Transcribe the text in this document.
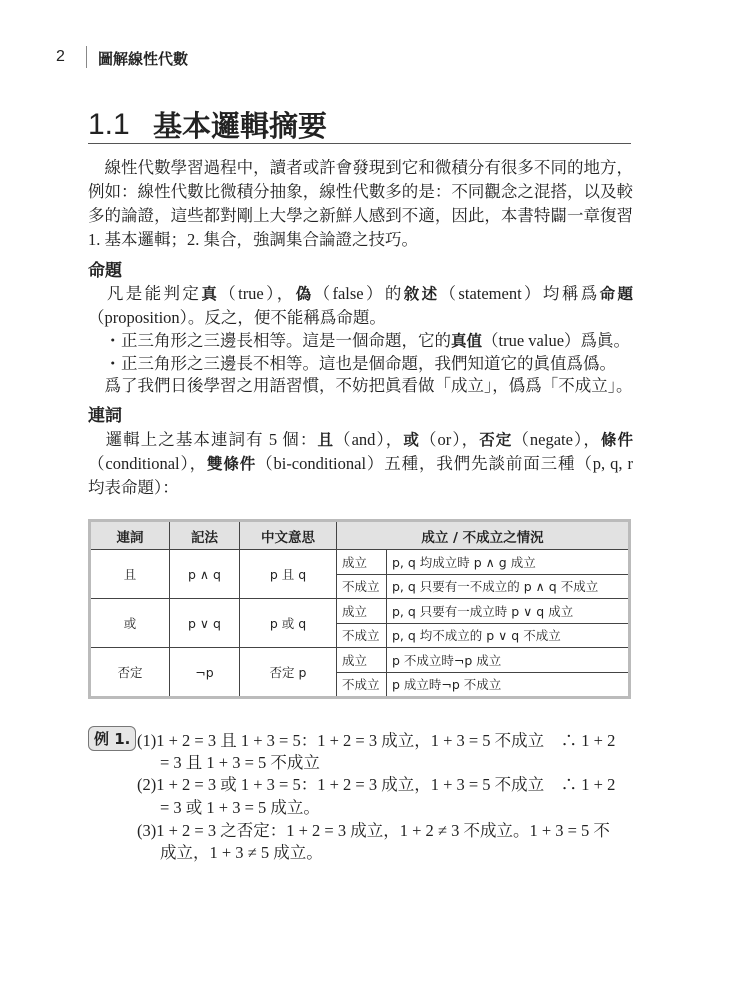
2 圖解線性代數
1.1 基本邏輯摘要
　線性代數學習過程中，讀者或許會發現到它和微積分有很多不同的地方，
例如：線性代數比微積分抽象，線性代數多的是：不同觀念之混搭，以及較
多的論證，這些都對剛上大學之新鮮人感到不適，因此，本書特闢一章復習
1. 基本邏輯；2. 集合，強調集合論證之技巧。
命題
　凡是能判定真（true），偽（false）的敘述（statement）均稱爲命題
（proposition）。反之，便不能稱爲命題。
　・正三角形之三邊長相等。這是一個命題，它的真值（true value）爲眞。
　・正三角形之三邊長不相等。這也是個命題，我們知道它的眞值爲僞。
　爲了我們日後學習之用語習慣，不妨把眞看做「成立」，僞爲「不成立」。
連詞
　邏輯上之基本連詞有 5 個：且（and），或（or），否定（negate），條件
（conditional），雙條件（bi-conditional）五種，我們先談前面三種（p, q, r
均表命題）：
連詞	記法	中文意思	成立 / 不成立之情況	
且	p ∧ q	p 且 q	成立	p, q 均成立時 p ∧ g 成立
			不成立	p, q 只要有一不成立的 p ∧ q 不成立
或	p ∨ q	p 或 q	成立	p, q 只要有一成立時 p ∨ q 成立
			不成立	p, q 均不成立的 p ∨ q 不成立
否定	¬p	否定 p	成立	p 不成立時¬p 成立
			不成立	p 成立時¬p 不成立
例 1. (1)1 + 2 = 3 且 1 + 3 = 5：1 + 2 = 3 成立，1 + 3 = 5 不成立　∴ 1 + 2
= 3 且 1 + 3 = 5 不成立
(2)1 + 2 = 3 或 1 + 3 = 5：1 + 2 = 3 成立，1 + 3 = 5 不成立　∴ 1 + 2
= 3 或 1 + 3 = 5 成立。
(3)1 + 2 = 3 之否定：1 + 2 = 3 成立，1 + 2 ≠ 3 不成立。1 + 3 = 5 不
成立，1 + 3 ≠ 5 成立。
